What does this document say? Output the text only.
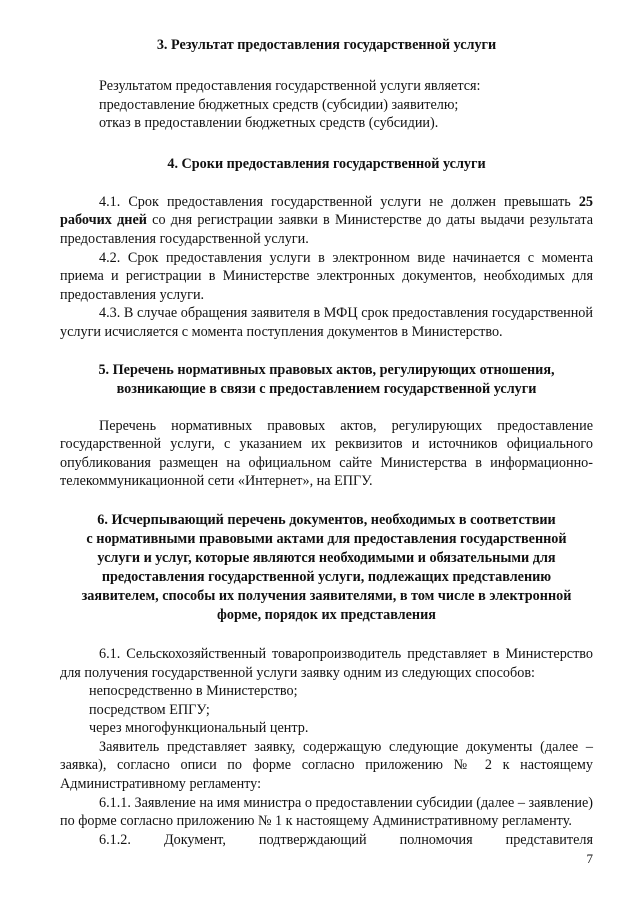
3. Результат предоставления государственной услуги

Результатом предоставления государственной услуги является:

предоставление бюджетных средств (субсидии) заявителю;

отказ в предоставлении бюджетных средств (субсидии).

4. Сроки предоставления государственной услуги

4.1. Срок предоставления государственной услуги не должен превышать 25 рабочих дней со дня регистрации заявки в Министерстве до даты выдачи результата предоставления государственной услуги.

4.2. Срок предоставления услуги в электронном виде начинается с момента приема и регистрации в Министерстве электронных документов, необходимых для предоставления услуги.

4.3. В случае обращения заявителя в МФЦ срок предоставления государственной услуги исчисляется с момента поступления документов в Министерство.

5. Перечень нормативных правовых актов, регулирующих отношения,

возникающие в связи с предоставлением государственной услуги

Перечень нормативных правовых актов, регулирующих предоставление государственной услуги, с указанием их реквизитов и источников официального опубликования размещен на официальном сайте Министерства в информационно-телекоммуникационной сети «Интернет», на ЕПГУ.

6. Исчерпывающий перечень документов, необходимых в соответствии

с нормативными правовыми актами для предоставления государственной

услуги и услуг, которые являются необходимыми и обязательными для

предоставления государственной услуги, подлежащих представлению

заявителем, способы их получения заявителями, в том числе в электронной

форме, порядок их представления

6.1. Сельскохозяйственный товаропроизводитель представляет в Министерство для получения государственной услуги заявку одним из следующих способов:

непосредственно в Министерство;

посредством ЕПГУ;

через многофункциональный центр.

Заявитель представляет заявку, содержащую следующие документы (далее – заявка), согласно описи по форме согласно приложению № 2 к настоящему Административному регламенту:

6.1.1. Заявление на имя министра о предоставлении субсидии (далее – заявление) по форме согласно приложению № 1 к настоящему Административному регламенту.

6.1.2. Документ, подтверждающий полномочия представителя

7
